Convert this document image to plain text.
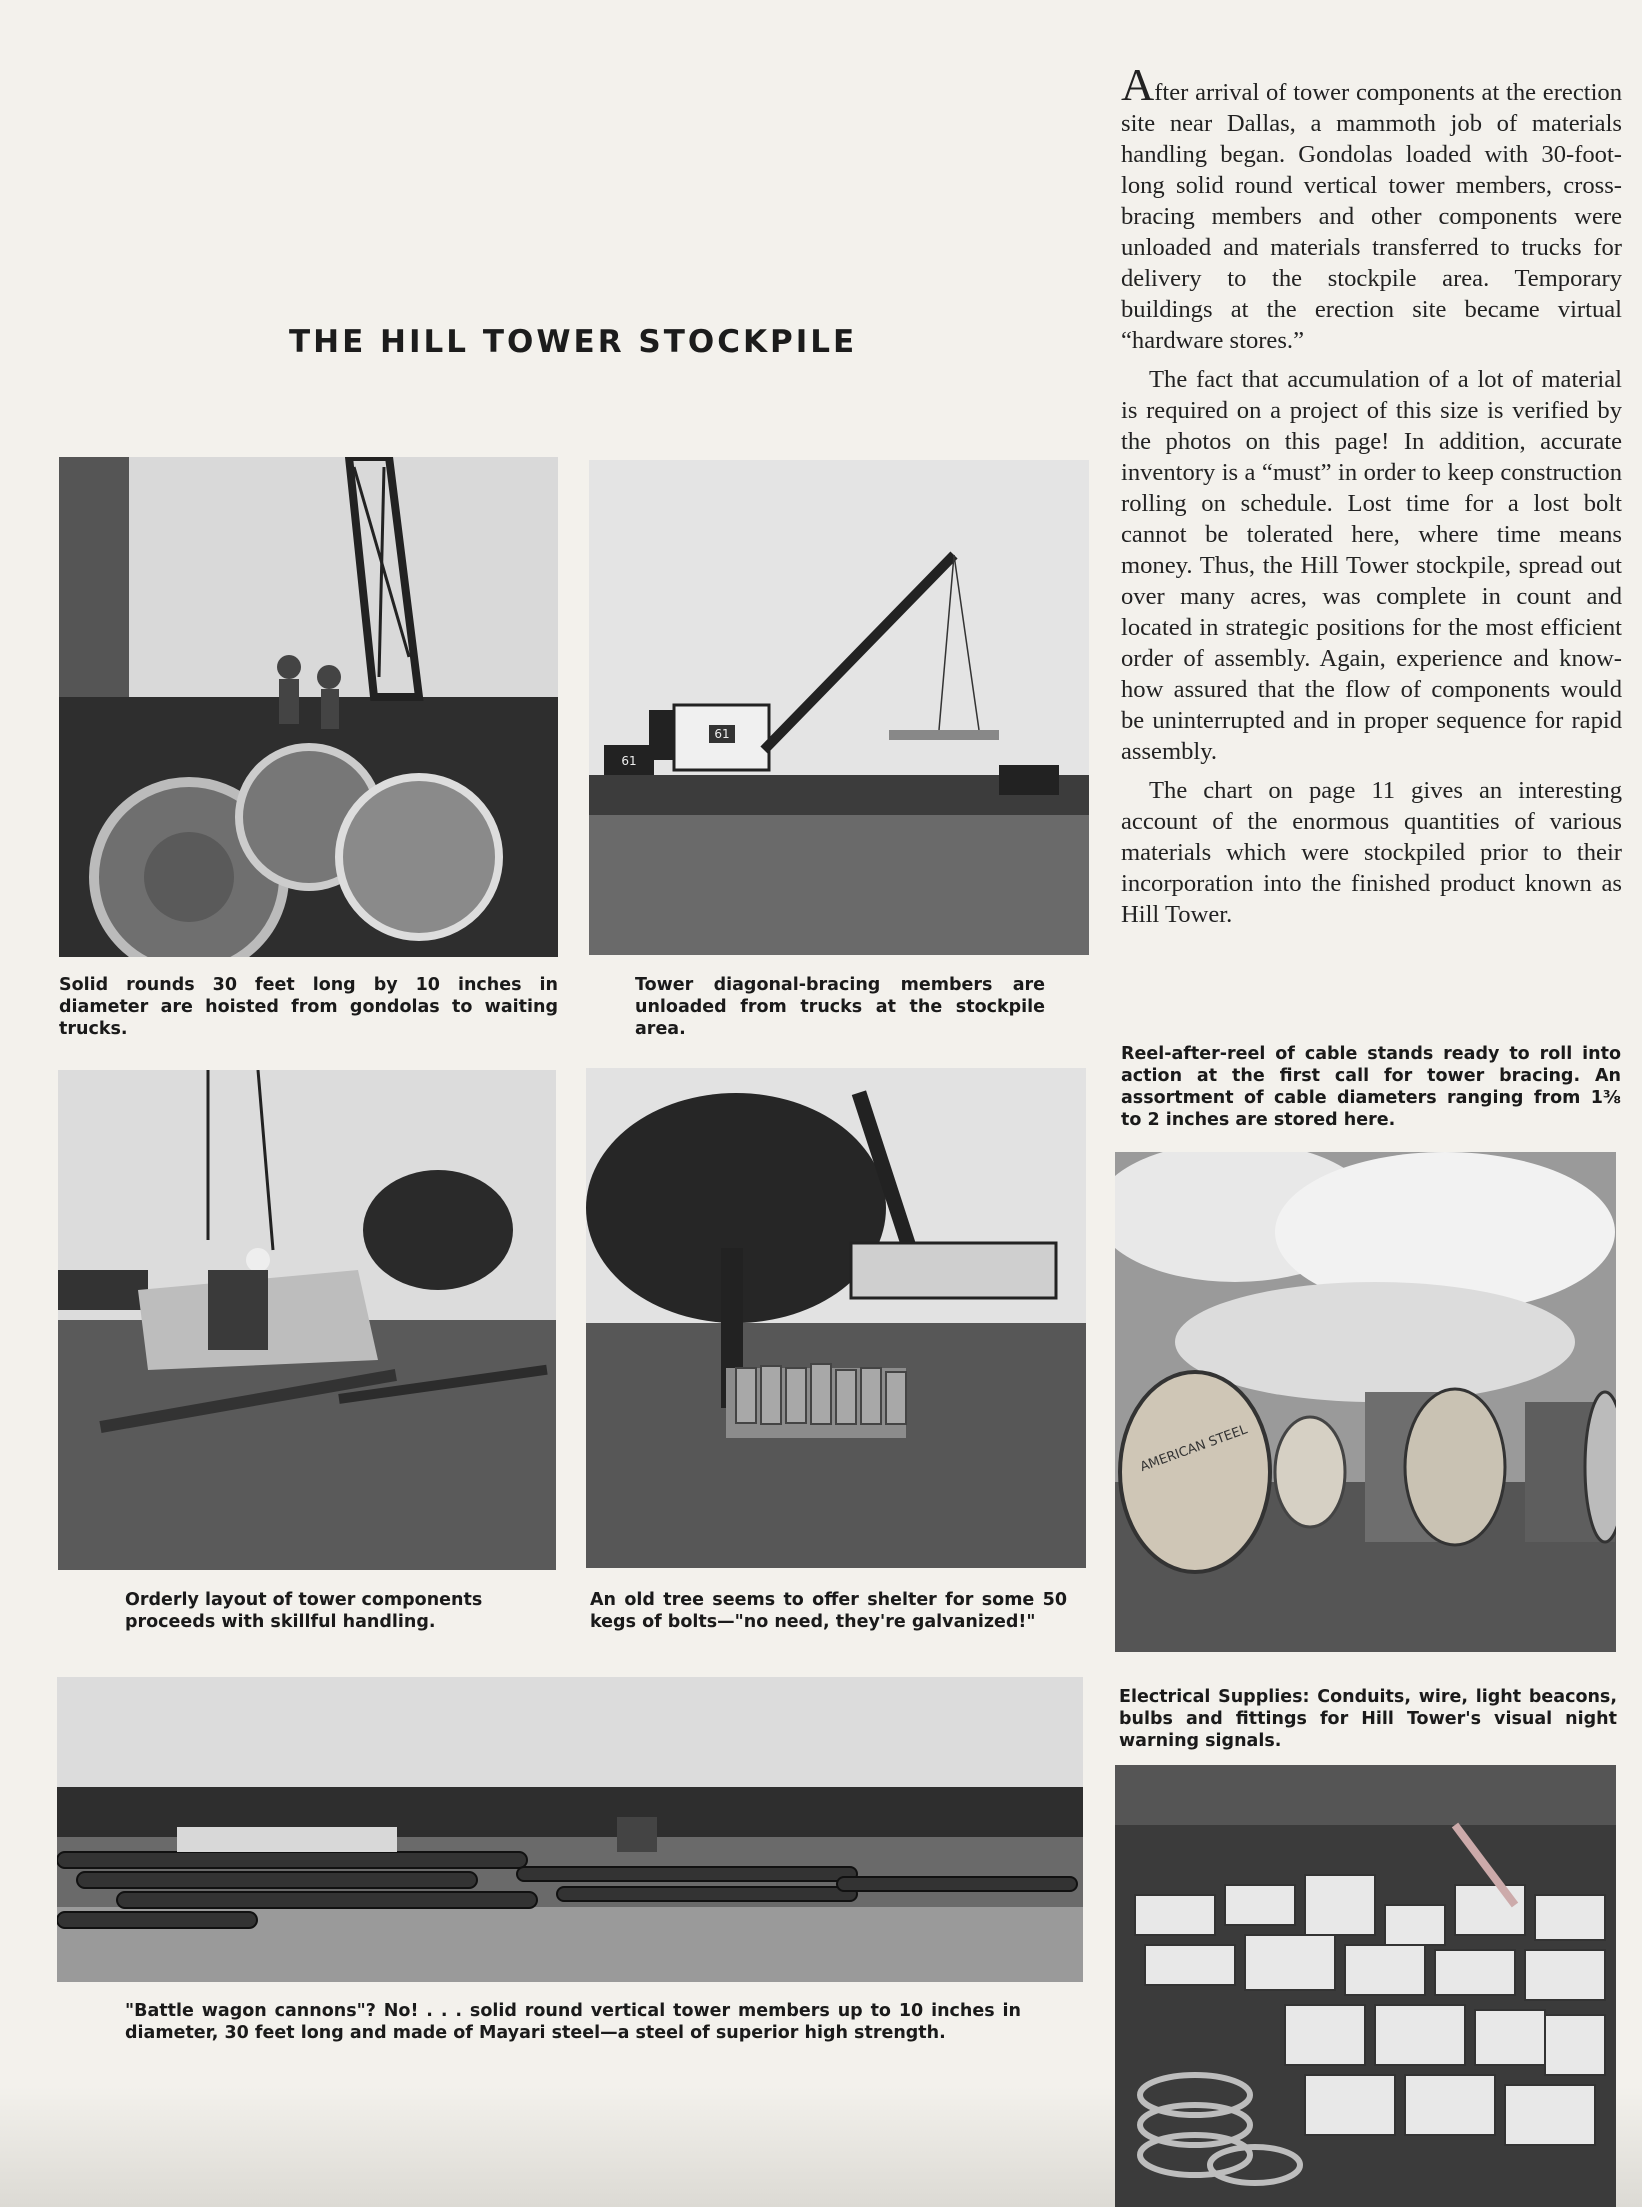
THE HILL TOWER STOCKPILE

After arrival of tower components at the erection site near Dallas, a mammoth job of materials handling began. Gondolas loaded with 30-foot-long solid round vertical tower members, cross-bracing members and other components were unloaded and materials transferred to trucks for delivery to the stockpile area. Temporary buildings at the erection site became virtual “hardware stores.”

The fact that accumulation of a lot of material is required on a project of this size is verified by the photos on this page! In addition, accurate inventory is a “must” in order to keep construction rolling on schedule. Lost time for a lost bolt cannot be tolerated here, where time means money. Thus, the Hill Tower stockpile, spread out over many acres, was complete in count and located in strategic positions for the most efficient order of assembly. Again, experience and know-how assured that the flow of components would be uninterrupted and in proper sequence for rapid assembly.

The chart on page 11 gives an interesting account of the enormous quantities of various materials which were stockpiled prior to their incorporation into the finished product known as Hill Tower.

Solid rounds 30 feet long by 10 inches in diameter are hoisted from gondolas to waiting trucks.
61
61
Tower diagonal-bracing members are unloaded from trucks at the stockpile area.
Reel-after-reel of cable stands ready to roll into action at the first call for tower bracing. An assortment of cable diameters ranging from 1⅜ to 2 inches are stored here.
AMERICAN STEEL
Orderly layout of tower components proceeds with skillful handling.
An old tree seems to offer shelter for some 50 kegs of bolts—"no need, they're galvanized!"
Electrical Supplies: Conduits, wire, light beacons, bulbs and fittings for Hill Tower's visual night warning signals.
"Battle wagon cannons"? No! . . . solid round vertical tower members up to 10 inches in diameter, 30 feet long and made of Mayari steel—a steel of superior high strength.
